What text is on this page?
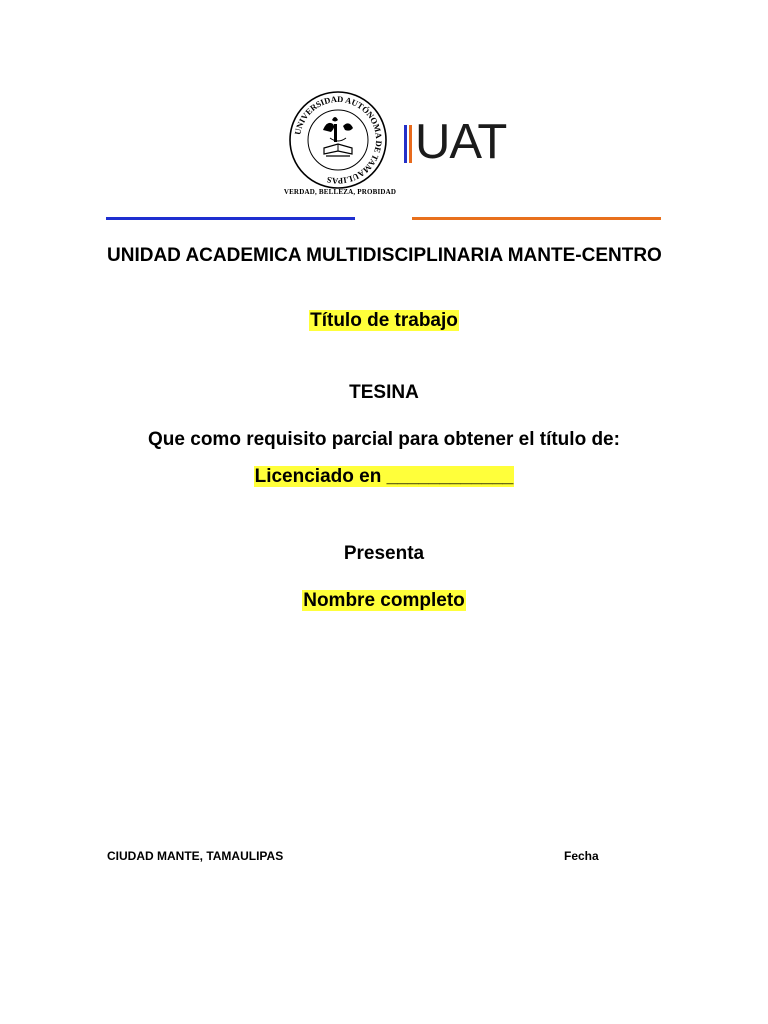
UNIVERSIDAD AUTÓNOMA DE TAMAULIPAS
VERDAD, BELLEZA, PROBIDAD
UAT
UNIDAD ACADEMICA MULTIDISCIPLINARIA MANTE-CENTRO
Título de trabajo
TESINA
Que como requisito parcial para obtener el título de:
Licenciado en ____________
Presenta
Nombre completo
CIUDAD MANTE, TAMAULIPAS	Fecha
